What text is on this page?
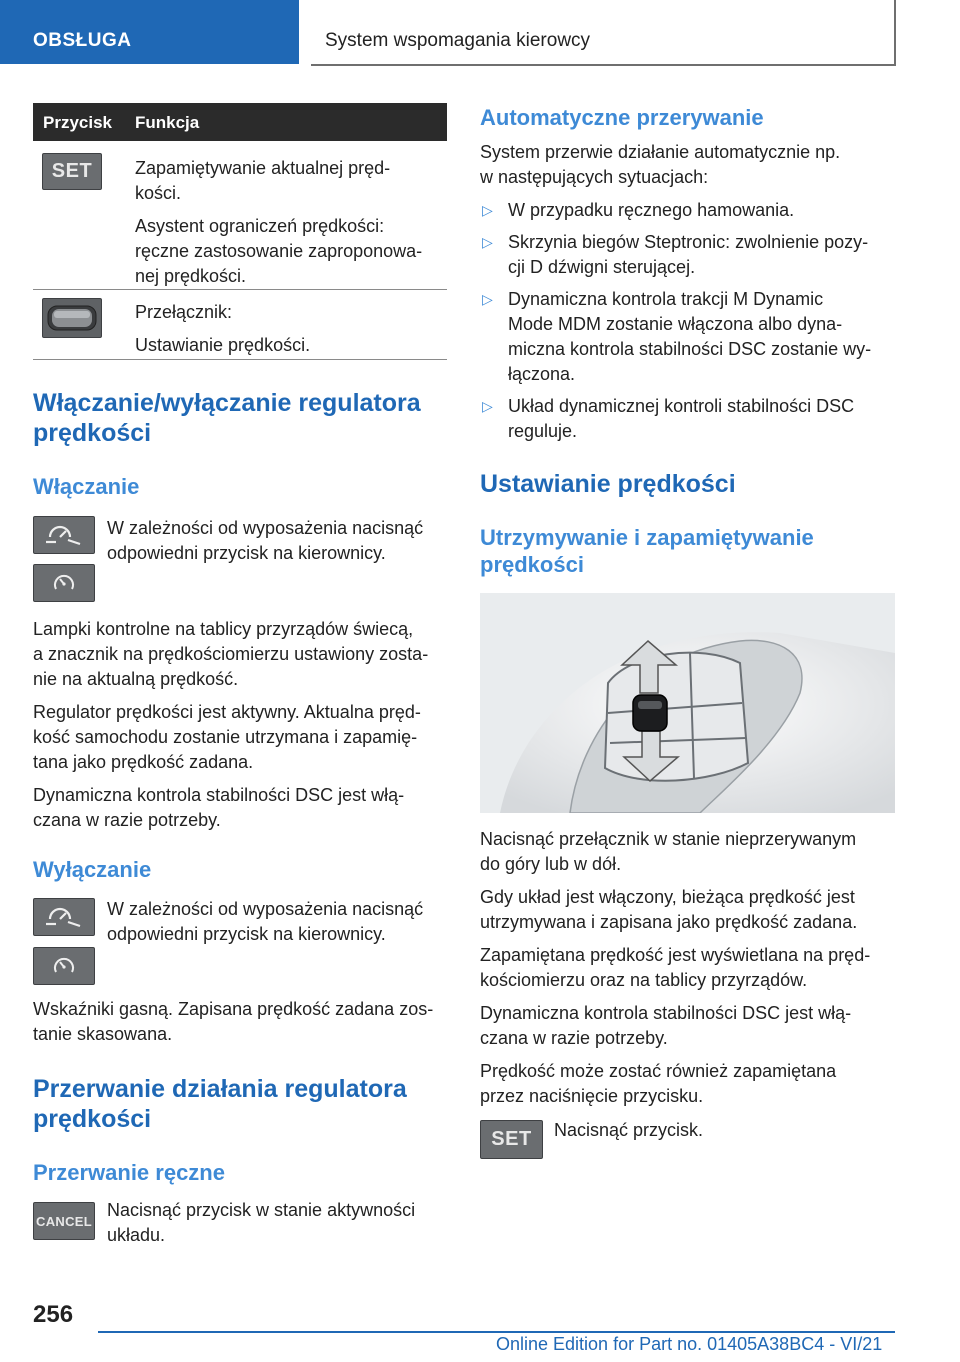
OBSŁUGA	System wspomagania kierowcy
Przycisk Funkcja
SET Zapamiętywanie aktualnej pręd-
kości.
Asystent ograniczeń prędkości:
ręczne zastosowanie zaproponowa-
nej prędkości.
Przełącznik:
Ustawianie prędkości.
Włączanie/wyłączanie regulatora
prędkości
Włączanie
W zależności od wyposażenia nacisnąć
odpowiedni przycisk na kierownicy.
Lampki kontrolne na tablicy przyrządów świecą,
a znacznik na prędkościomierzu ustawiony zosta-
nie na aktualną prędkość.
Regulator prędkości jest aktywny. Aktualna pręd-
kość samochodu zostanie utrzymana i zapamię-
tana jako prędkość zadana.
Dynamiczna kontrola stabilności DSC jest włą-
czana w razie potrzeby.
Wyłączanie
W zależności od wyposażenia nacisnąć
odpowiedni przycisk na kierownicy.
Wskaźniki gasną. Zapisana prędkość zadana zos-
tanie skasowana.
Przerwanie działania regulatora
prędkości
Przerwanie ręczne
CANCEL
Nacisnąć przycisk w stanie aktywności
układu.
Automatyczne przerywanie
System przerwie działanie automatycznie np.
w następujących sytuacjach:
▷ W przypadku ręcznego hamowania.
▷ Skrzynia biegów Steptronic: zwolnienie pozy-
cji D dźwigni sterującej.
▷ Dynamiczna kontrola trakcji M Dynamic
Mode MDM zostanie włączona albo dyna-
miczna kontrola stabilności DSC zostanie wy-
łączona.
▷ Układ dynamicznej kontroli stabilności DSC
reguluje.
Ustawianie prędkości
Utrzymywanie i zapamiętywanie
prędkości
Nacisnąć przełącznik w stanie nieprzerywanym
do góry lub w dół.
Gdy układ jest włączony, bieżąca prędkość jest
utrzymywana i zapisana jako prędkość zadana.
Zapamiętana prędkość jest wyświetlana na pręd-
kościomierzu oraz na tablicy przyrządów.
Dynamiczna kontrola stabilności DSC jest włą-
czana w razie potrzeby.
Prędkość może zostać również zapamiętana
przez naciśnięcie przycisku.
SET Nacisnąć przycisk.
256
Online Edition for Part no. 01405A38BC4 - VI/21
